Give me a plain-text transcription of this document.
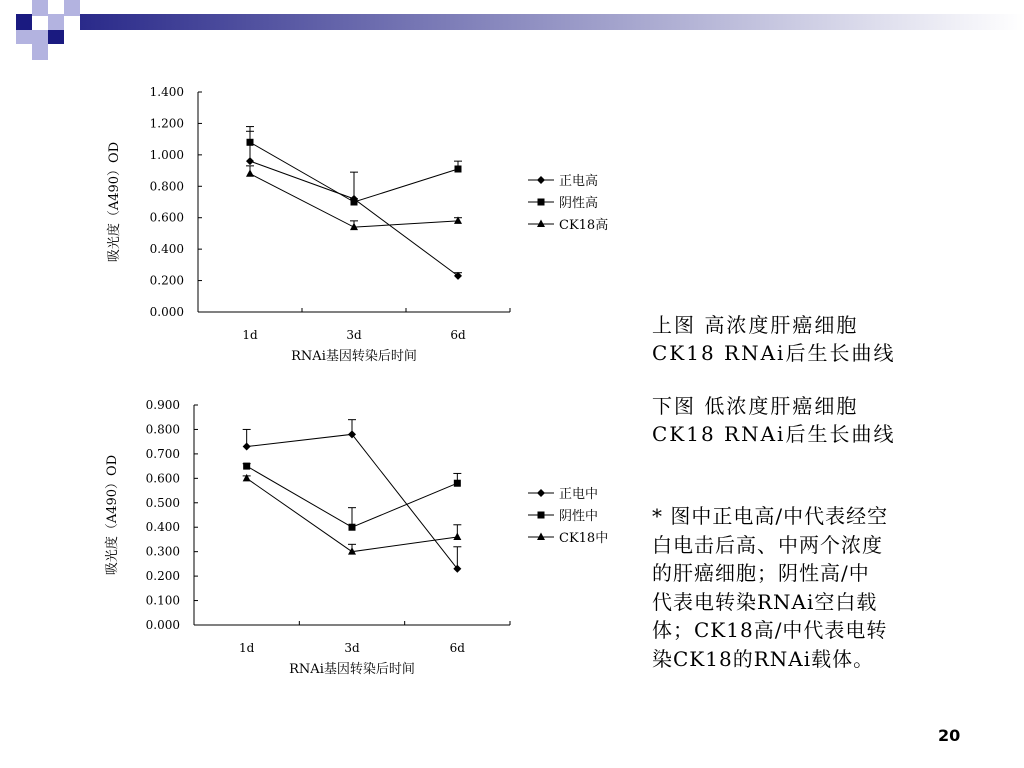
0.000
0.200
0.400
0.600
0.800
1.000
1.200
1.400
1d	3d	6d
RNAi基因转染后时间
吸光度（A490）OD	正电高
阴性高
CK18高
0.000
0.100
0.200
0.300
0.400
0.500
0.600
0.700
0.800
0.900
1d	3d	6d
RNAi基因转染后时间
吸光度（A490）OD	正电中
阴性中
CK18中
上图 高浓度肝癌细胞
CK18 RNAi后生长曲线
下图 低浓度肝癌细胞
CK18 RNAi后生长曲线
* 图中正电高/中代表经空
白电击后高、中两个浓度
的肝癌细胞；阴性高/中
代表电转染RNAi空白载
体；CK18高/中代表电转
染CK18的RNAi载体。
20
